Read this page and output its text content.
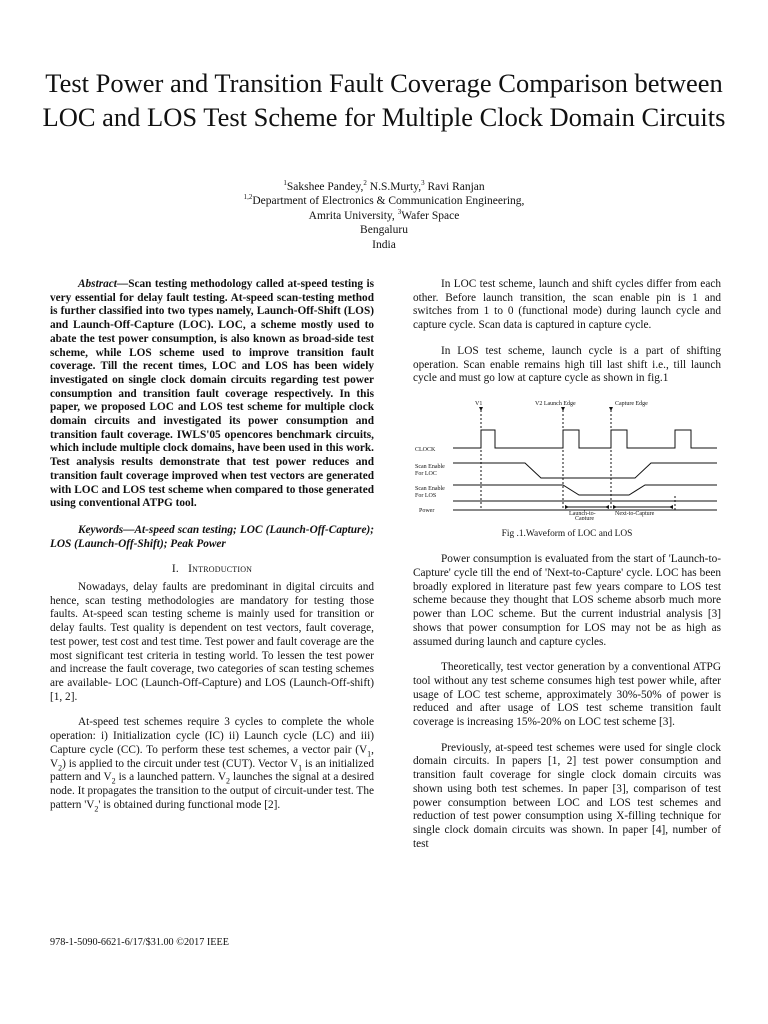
Test Power and Transition Fault Coverage Comparison between LOC and LOS Test Scheme for Multiple Clock Domain Circuits

$^1$Sakshee Pandey,$^2$ N.S.Murty,$^3$ Ravi Ranjan

$^{1,2}$Department of Electronics & Communication Engineering,

Amrita University, $^3$Wafer Space

Bengaluru

India

Abstract—Scan testing methodology called at-speed testing is very essential for delay fault testing. At-speed scan-testing method is further classified into two types namely, Launch-Off-Shift (LOS) and Launch-Off-Capture (LOC). LOC, a scheme mostly used to abate the test power consumption, is also known as broad-side test scheme, while LOS scheme used to improve transition fault coverage. Till the recent times, LOC and LOS has been widely investigated on single clock domain circuits regarding test power consumption and transition fault coverage respectively. In this paper, we proposed LOC and LOS test scheme for multiple clock domain circuits and investigated its power consumption and transition fault coverage. IWLS'05 opencores benchmark circuits, which include multiple clock domains, have been used in this work. Test analysis results demonstrate that test power reduces and transition fault coverage improved when test vectors are generated with LOC and LOS test scheme when compared to those generated using conventional ATPG tool.

Keywords—At-speed scan testing; LOC (Launch-Off-Capture); LOS (Launch-Off-Shift); Peak Power

I. Introduction

Nowadays, delay faults are predominant in digital circuits and hence, scan testing methodologies are mandatory for testing those faults. At-speed scan testing scheme is mainly used for transition or delay faults. Test quality is dependent on test vectors, fault coverage, test power, test cost and test time. Test power and fault coverage are the most significant test criteria in testing world. To lessen the test power and increase the fault coverage, two categories of scan testing schemes are available- LOC (Launch-Off-Capture) and LOS (Launch-Off-shift) [1, 2].

At-speed test schemes require 3 cycles to complete the whole operation: i) Initialization cycle (IC) ii) Launch cycle (LC) and iii) Capture cycle (CC). To perform these test schemes, a vector pair ($V_1$, $V_2$) is applied to the circuit under test (CUT). Vector $V_1$ is an initialized pattern and $V_2$ is a launched pattern. $V_2$ launches the signal at a desired node. It propagates the transition to the output of circuit-under test. The pattern '$V_2$' is obtained during functional mode [2].

In LOC test scheme, launch and shift cycles differ from each other. Before launch transition, the scan enable pin is 1 and switches from 1 to 0 (functional mode) during launch cycle and capture cycle. Scan data is captured in capture cycle.

In LOS test scheme, launch cycle is a part of shifting operation. Scan enable remains high till last shift i.e., till launch cycle and must go low at capture cycle as shown in fig.1

CLOCK
Scan Enable
For LOC
Scan Enable
For LOS
Power
V1	V2 Launch Edge	Capture Edge
Launch-to-
Capture
Next-to-Capture

Fig .1.Waveform of LOC and LOS

Power consumption is evaluated from the start of 'Launch-to-Capture' cycle till the end of 'Next-to-Capture' cycle. LOC has been broadly explored in literature past few years compare to LOS test scheme because they thought that LOS scheme absorb much more power than LOC scheme. But the current industrial analysis [3] shows that power consumption for LOS may not be as high as assumed during launch and capture cycles.

Theoretically, test vector generation by a conventional ATPG tool without any test scheme consumes high test power while, after usage of LOC test scheme, approximately 30%-50% of power is reduced and after usage of LOS test scheme transition fault coverage is increasing 15%-20% on LOC test scheme [3].

Previously, at-speed test schemes were used for single clock domain circuits. In papers [1, 2] test power consumption and transition fault coverage for single clock domain circuits was shown using both test schemes. In paper [3], comparison of test power consumption between LOC and LOS test schemes and reduction of test power consumption using X-filling technique for single clock domain circuits was shown. In paper [4], number of test

978-1-5090-6621-6/17/$31.00 ©2017 IEEE
